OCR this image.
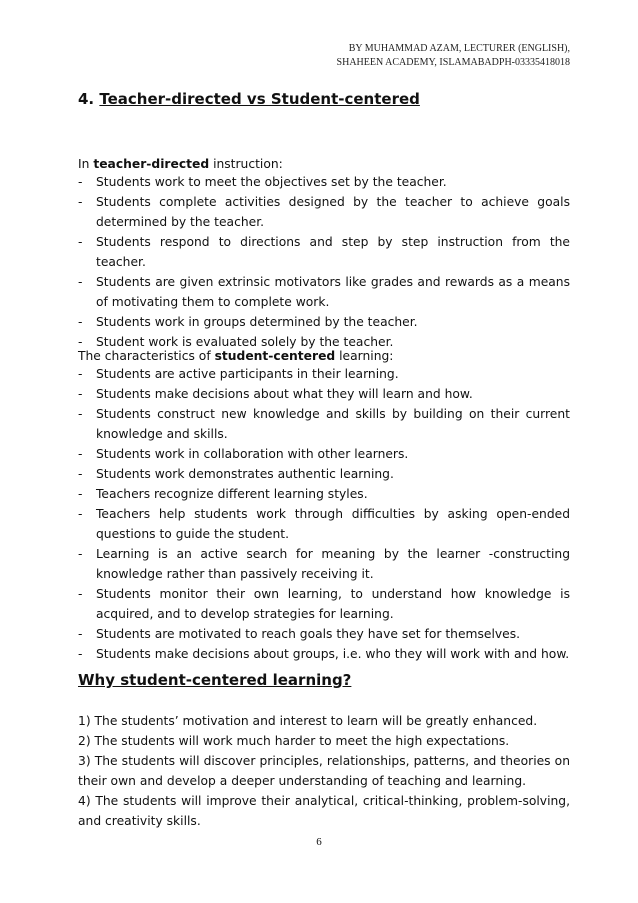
BY MUHAMMAD AZAM, LECTURER (ENGLISH),
SHAHEEN ACADEMY, ISLAMABADPH-03335418018
4. Teacher-directed vs Student-centered
In teacher-directed instruction:
- Students work to meet the objectives set by the teacher.
- Students complete activities designed by the teacher to achieve goals determined by the teacher.
- Students respond to directions and step by step instruction from the teacher.
- Students are given extrinsic motivators like grades and rewards as a means of motivating them to complete work.
- Students work in groups determined by the teacher.
- Student work is evaluated solely by the teacher.
The characteristics of student-centered learning:
- Students are active participants in their learning.
- Students make decisions about what they will learn and how.
- Students construct new knowledge and skills by building on their current knowledge and skills.
- Students work in collaboration with other learners.
- Students work demonstrates authentic learning.
- Teachers recognize different learning styles.
- Teachers help students work through difficulties by asking open-ended questions to guide the student.
- Learning is an active search for meaning by the learner -constructing knowledge rather than passively receiving it.
- Students monitor their own learning, to understand how knowledge is acquired, and to develop strategies for learning.
- Students are motivated to reach goals they have set for themselves.
- Students make decisions about groups, i.e. who they will work with and how.
Why student-centered learning?

1) The students’ motivation and interest to learn will be greatly enhanced.

2) The students will work much harder to meet the high expectations.

3) The students will discover principles, relationships, patterns, and theories on their own and develop a deeper understanding of teaching and learning.

4) The students will improve their analytical, critical-thinking, problem-solving, and creativity skills.

6
